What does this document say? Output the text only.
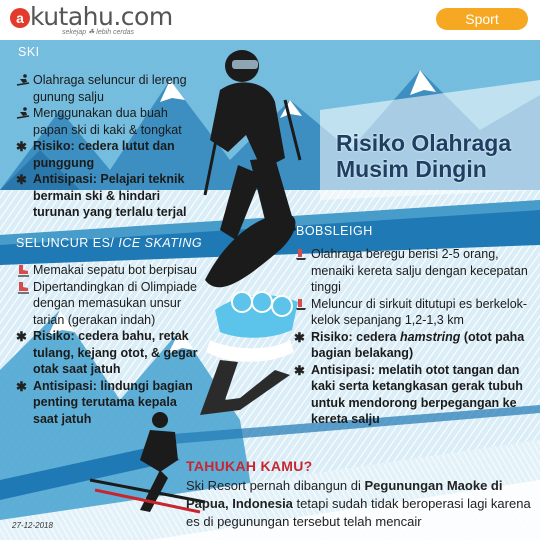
a kutahu.com
sekejap ☘ lebih cerdas
Sport
Risiko Olahraga
Musim Dingin
SKI
Olahraga seluncur di lereng gunung salju
Menggunakan dua buah papan ski di kaki & tongkat
✱ Risiko: cedera lutut dan punggung
✱ Antisipasi: Pelajari teknik bermain ski & hindari turunan yang terlalu terjal
SELUNCUR ES/ ICE SKATING
Memakai sepatu bot berpisau
Dipertandingkan di Olimpiade dengan memasukan unsur tarian (gerakan indah)
✱ Risiko: cedera bahu, retak tulang, kejang otot, & gegar otak saat jatuh
✱ Antisipasi: lindungi bagian penting terutama kepala saat jatuh
BOBSLEIGH
Olahraga beregu berisi 2-5 orang, menaiki kereta salju dengan kecepatan tinggi
Meluncur di sirkuit ditutupi es berkelok-kelok sepanjang 1,2-1,3 km
✱ Risiko: cedera hamstring (otot paha bagian belakang)
✱ Antisipasi: melatih otot tangan dan kaki serta ketangkasan gerak tubuh untuk mendorong berpegangan ke kereta salju
TAHUKAH KAMU?
Ski Resort pernah dibangun di Pegunungan Maoke di Papua, Indonesia tetapi sudah tidak beroperasi lagi karena es di pegunungan tersebut telah mencair
27-12-2018
